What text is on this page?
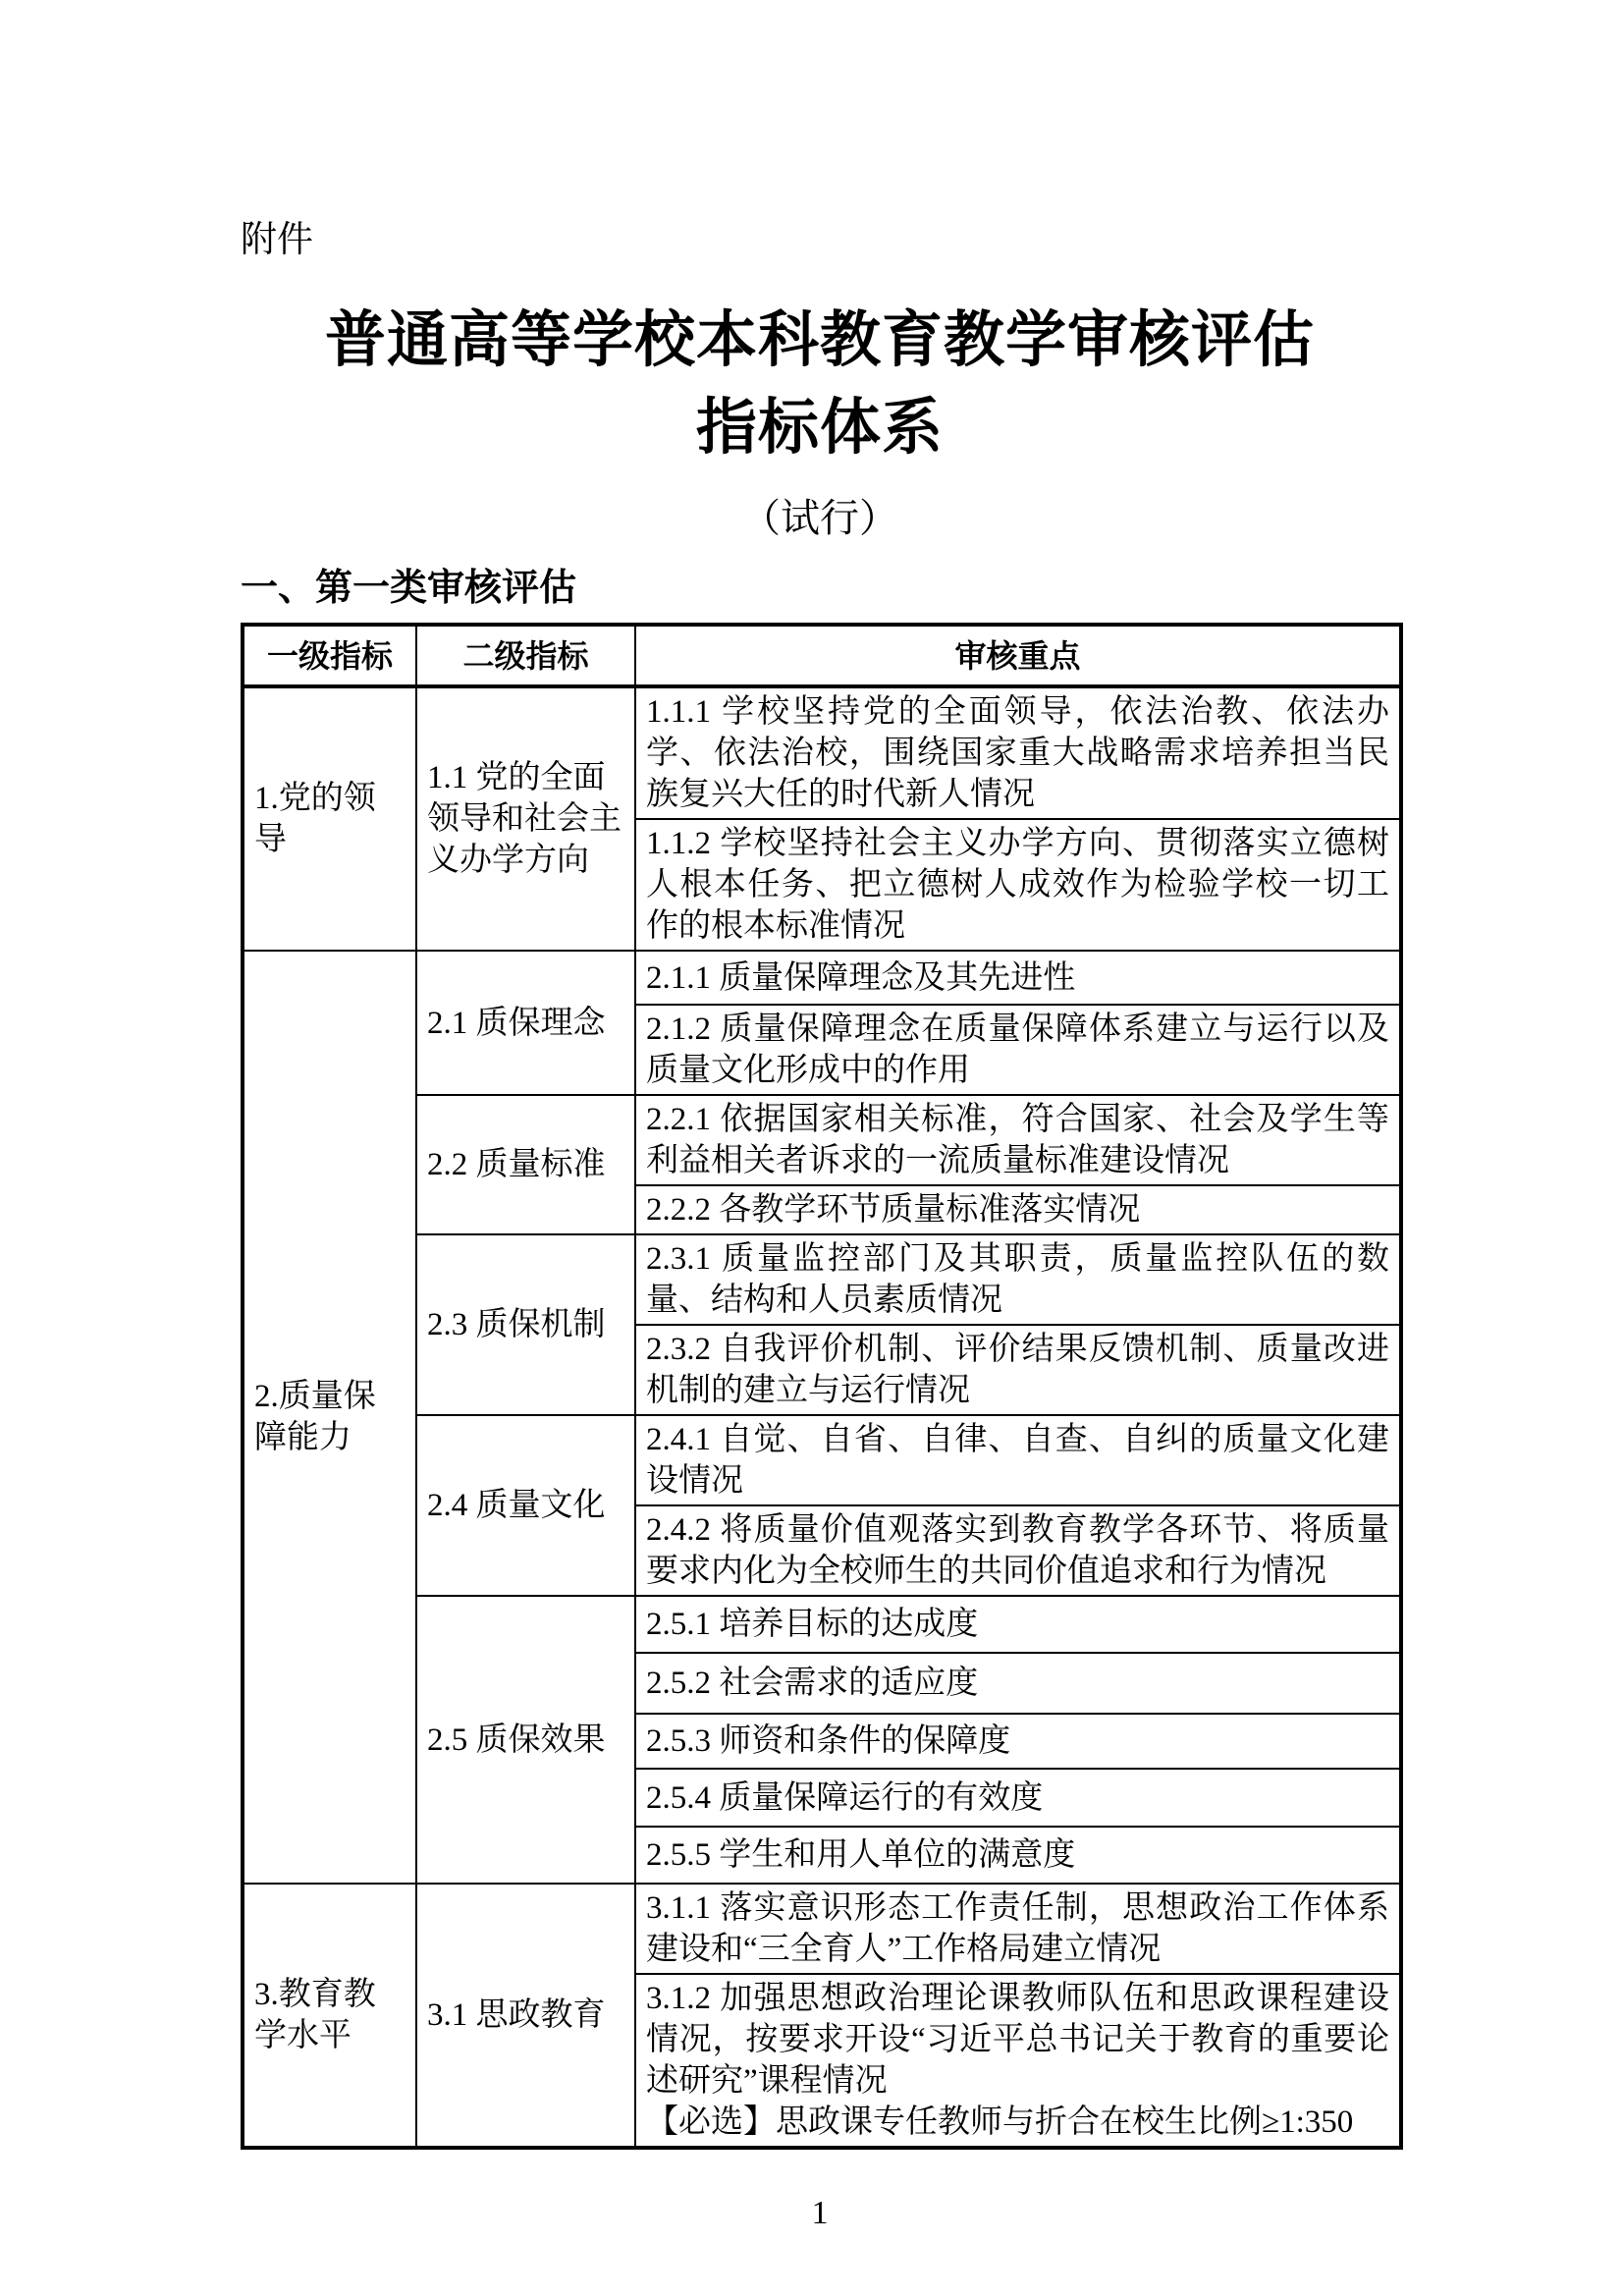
附件
普通高等学校本科教育教学审核评估
指标体系
（试行）
一、第一类审核评估
一级指标	二级指标	审核重点
1.党的领导	1.1 党的全面领导和社会主义办学方向	1.1.1 学校坚持党的全面领导，依法治教、依法办学、依法治校，围绕国家重大战略需求培养担当民族复兴大任的时代新人情况
		1.1.2 学校坚持社会主义办学方向、贯彻落实立德树人根本任务、把立德树人成效作为检验学校一切工作的根本标准情况
2.质量保障能力	2.1 质保理念	2.1.1 质量保障理念及其先进性
		2.1.2 质量保障理念在质量保障体系建立与运行以及质量文化形成中的作用
	2.2 质量标准	2.2.1 依据国家相关标准，符合国家、社会及学生等利益相关者诉求的一流质量标准建设情况
		2.2.2 各教学环节质量标准落实情况
	2.3 质保机制	2.3.1 质量监控部门及其职责，质量监控队伍的数量、结构和人员素质情况
		2.3.2 自我评价机制、评价结果反馈机制、质量改进机制的建立与运行情况
	2.4 质量文化	2.4.1 自觉、自省、自律、自查、自纠的质量文化建设情况
		2.4.2 将质量价值观落实到教育教学各环节、将质量要求内化为全校师生的共同价值追求和行为情况
	2.5 质保效果	2.5.1 培养目标的达成度
		2.5.2 社会需求的适应度
		2.5.3 师资和条件的保障度
		2.5.4 质量保障运行的有效度
		2.5.5 学生和用人单位的满意度
3.教育教学水平	3.1 思政教育	3.1.1 落实意识形态工作责任制，思想政治工作体系建设和“三全育人”工作格局建立情况

		3.1.2 加强思想政治理论课教师队伍和思政课程建设情况，按要求开设“习近平总书记关于教育的重要论述研究”课程情况
【必选】思政课专任教师与折合在校生比例≥1:350
1
